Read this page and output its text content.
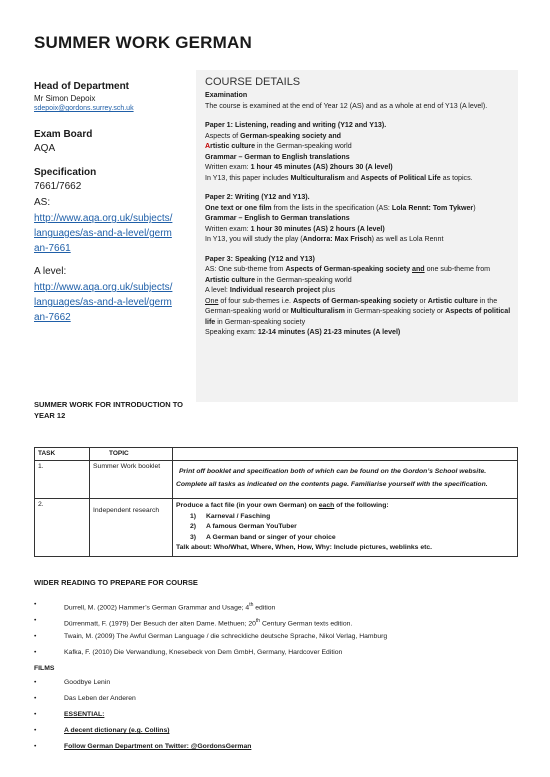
SUMMER WORK GERMAN
Head of Department
Mr Simon Depoix
sdepoix@gordons.surrey.sch.uk
Exam Board
AQA
Specification
7661/7662
AS:
http://www.aqa.org.uk/subjects/languages/as-and-a-level/german-7661
A level:
http://www.aqa.org.uk/subjects/languages/as-and-a-level/german-7662
COURSE DETAILS
Examination
The course is examined at the end of Year 12 (AS) and as a whole at end of Y13 (A level).
Paper 1: Listening, reading and writing (Y12 and Y13).
Aspects of German-speaking society and
Artistic culture in the German-speaking world
Grammar – German to English translations
Written exam: 1 hour 45 minutes (AS) 2hours 30 (A level)
In Y13, this paper includes Multiculturalism and Aspects of Political Life as topics.
Paper 2: Writing (Y12 and Y13).
One text or one film from the lists in the specification (AS: Lola Rennt: Tom Tykwer)
Grammar – English to German translations
Written exam: 1 hour 30 minutes (AS) 2 hours (A level)
In Y13, you will study the play (Andorra: Max Frisch) as well as Lola Rennt
Paper 3: Speaking (Y12 and Y13)
AS: One sub-theme from Aspects of German-speaking society and one sub-theme from Artistic culture in the German-speaking world
A level: Individual research project plus
One of four sub-themes i.e. Aspects of German-speaking society or Artistic culture in the German-speaking world or Multiculturalism in German-speaking society or Aspects of political life in German-speaking society
Speaking exam: 12-14 minutes (AS) 21-23 minutes (A level)
SUMMER WORK FOR INTRODUCTION TO YEAR 12
TASK	TOPIC	
1.	Summer Work booklet	Print off booklet and specification both of which can be found on the Gordon’s School website.
Complete all tasks as indicated on the contents page. Familiarise yourself with the specification.

2.	Independent research	Produce a fact file (in your own German) on each of the following:
1) Karneval / Fasching
2) A famous German YouTuber
3) A German band or singer of your choice
Talk about: Who/What, Where, When, How, Why: Include pictures, weblinks etc.
WIDER READING TO PREPARE FOR COURSE
•	Durrell, M. (2002) Hammer’s German Grammar and Usage; 4th edition
•	Dürrenmatt, F. (1979) Der Besuch der alten Dame. Methuen; 20th Century German texts edition.
•	Twain, M. (2009) The Awful German Language / die schreckliche deutsche Sprache, Nikol Verlag, Hamburg
•	Kafka, F. (2010) Die Verwandlung, Knesebeck von Dem GmbH, Germany, Hardcover Edition
FILMS
•	Goodbye Lenin
•	Das Leben der Anderen
•	ESSENTIAL:
•	A decent dictionary (e.g. Collins)
•	Follow German Department on Twitter: @GordonsGerman
